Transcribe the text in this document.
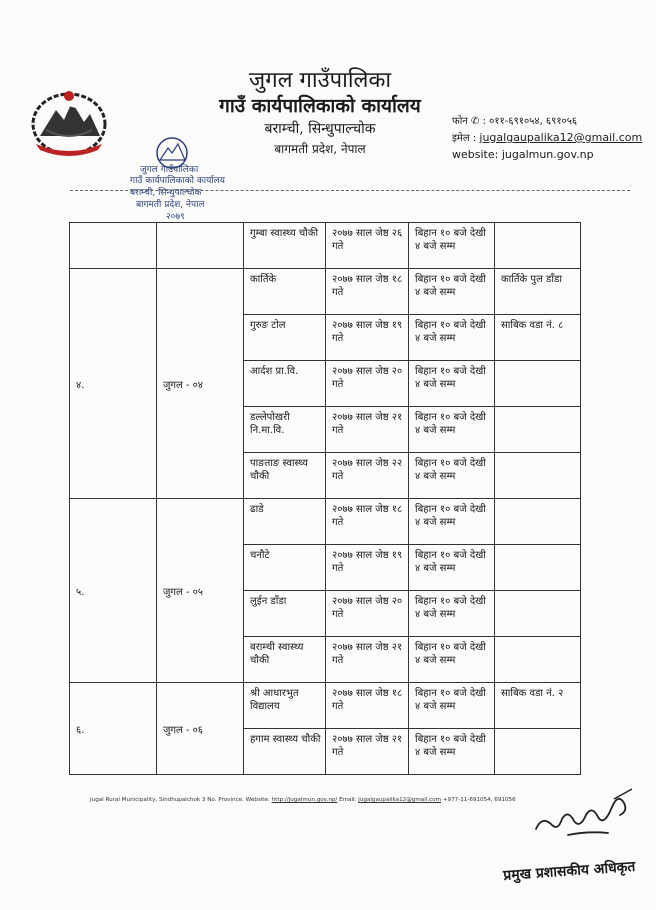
जुगल गाउँपालिका
गाउँ कार्यपालिकाको कार्यालय
बराम्ची, सिन्धुपाल्चोक
बागमती प्रदेश, नेपाल
२०७९
जुगल गाउँपालिका
गाउँ कार्यपालिकाको कार्यालय
बराम्ची, सिन्धुपाल्चोक
बागमती प्रदेश, नेपाल
फोन ✆ : ०११-६९१०५४, ६९१०५६
इमेल : jugalgaupalika12@gmail.com
website: jugalmun.gov.np
		गुम्बा स्वास्थ्य चौकी	२०७७ साल जेष्ठ २६ गते	बिहान १० बजे देखी ४ बजे सम्म	
४.	जुगल - ०४	कार्तिके	२०७७ साल जेष्ठ १८ गते	बिहान १० बजे देखी ४ बजे सम्म	कार्तिके पुल डाँडा
		गुरुङ टोल	२०७७ साल जेष्ठ १९ गते	बिहान १० बजे देखी ४ बजे सम्म	साबिक वडा नं. ८
		आर्दश प्रा.वि.	२०७७ साल जेष्ठ २० गते	बिहान १० बजे देखी ४ बजे सम्म	
		डल्लेपोखरी नि.मा.वि.	२०७७ साल जेष्ठ २१ गते	बिहान १० बजे देखी ४ बजे सम्म	
		पाङताङ स्वास्थ्य चौकी	२०७७ साल जेष्ठ २२ गते	बिहान १० बजे देखी ४ बजे सम्म	
५.	जुगल - ०५	ढाडे	२०७७ साल जेष्ठ १८ गते	बिहान १० बजे देखी ४ बजे सम्म	
		चनौटे	२०७७ साल जेष्ठ १९ गते	बिहान १० बजे देखी ४ बजे सम्म	
		लुईन डाँडा	२०७७ साल जेष्ठ २० गते	बिहान १० बजे देखी ४ बजे सम्म	
		बराम्ची स्वास्थ्य चौकी	२०७७ साल जेष्ठ २१ गते	बिहान १० बजे देखी ४ बजे सम्म	
६.	जुगल - ०६	श्री आधारभुत विद्यालय	२०७७ साल जेष्ठ १८ गते	बिहान १० बजे देखी ४ बजे सम्म	साबिक वडा नं. २
		हगाम स्वास्थ्य चौकी	२०७७ साल जेष्ठ २१ गते	बिहान १० बजे देखी ४ बजे सम्म	
Jugal Rural Municipality, Sindhupalchok 3 No. Province. Website: http://jugalmun.gov.np/ Email: jugalgaupalika12@gmail.com +977-11-691054, 691056
प्रमुख प्रशासकीय अधिकृत
